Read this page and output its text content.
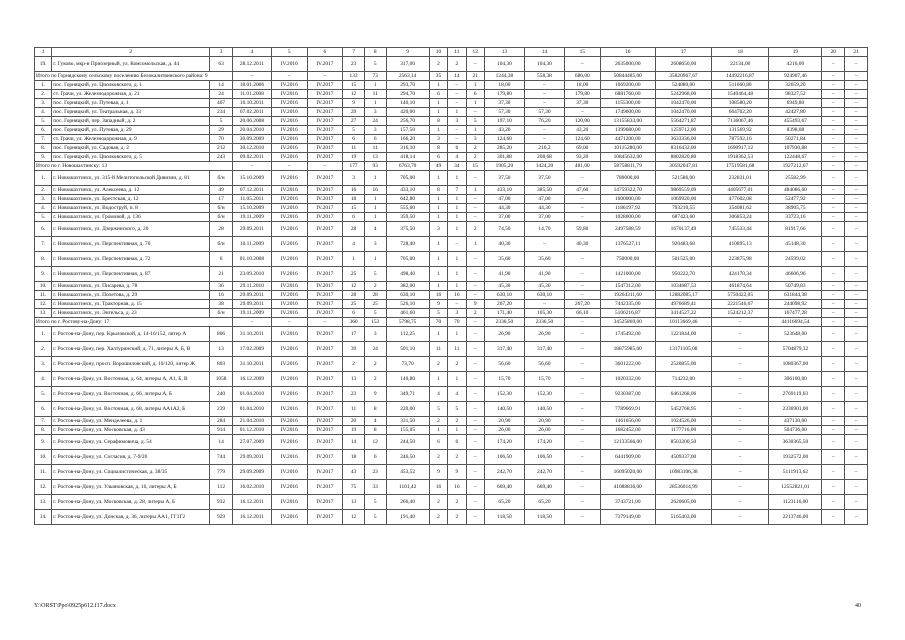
1	2	3	4	5	6	7	8	9	10	11	12	13	14	15	16	17	18	19	20	21
19.	г. Гуково, мкр-н Приозерный, ул. Комсомольская, д. 44	63	28.12.2011	IV.2016	IV.2017	23	5	317,00	2	2	–	104,30	104,30	–	2635000,00	2608650,00	22134,00	4216,00	–	–
Итого по Горнядскому сельскому поселению Белокалитвинского района: 9			–	–	–	133	73	2563,14	35	14	21	1244,38	558,38	686,00	50844485,00	35820967,67	14492216,87	924907,46	–	–
1.	пос. Горняцкий, ул. Циолковского, д. 1	14	18.01.2006	IV.2016	IV.2017	15	1	293,70	1	–	1	18,00	–	18,00	1069200,00	524880,00	511660,80	32659,20	–	–
2.	ст. Грачи, ул. Железнодорожная, д. 21	24	11.01.2008	IV.2016	IV.2017	12	11	294,70	6	–	6	179,80	–	179,80	6881760,00	5242968,00	1540464,48	98327,52	–	–
3.	пос. Горняцкий, ул. Путевая, д. 1	407	10.10.2011	IV.2016	IV.2017	9	1	140,10	1	–	1	37,30	–	37,30	1155300,00	1042470,00	108580,20	6949,80	–	–
4.	пос. Горняцкий, ул. Театральная, д. 33	234	07.02.2011	IV.2016	IV.2017	29	3	420,00	1	1	–	57,30	57,30	–	1749600,00	1042470,00	664702,20	42427,80	–	–
5.	пос. Горняцкий, пер. Западный, д. 2	5	20.06.2008	IV.2016	IV.2017	27	24	256,70	8	3	5	197,10	76,20	120,00	13155833,00	5564271,87	7136067,46	455493,67	–	–
6.	пос. Горняцкий, ул. Путевая, д. 29	29	20.04.2010	IV.2016	IV.2017	5	3	157,50	1	–	1	43,20	–	43,20	1399680,00	1259712,00	131569,92	8398,08	–	–
7.	ст. Грачи, ул. Железнодорожная, д. 9	70	30.09.2009	IV.2016	IV.2017	6	6	166,20	3	–	3	124,60	–	124,60	4471200,00	3633336,00	787592,16	50271,84	–	–
8.	пос. Горняцкий, ул. Садовая, д. 2	212	30.12.2010	IV.2016	IV.2017	11	11	316,10	8	6	2	285,20	216,2	69,00	10115280,00	8316432,00	1690917,12	107930,88	–	–
9.	пос. Горняцкий, ул. Циолковского, д. 5	243	09.02.2011	IV.2016	IV.2017	19	13	418,14	6	4	2	301,88	208,68	93,20	10845632,00	8802820,80	1918362,53	122448,67	–	–
Итого по г. Новошахтинску: 13			–	–	–	177	93	6763,70	49	34	15	1905,20	1424,20	481,00	58758811,79	30592047,81	17519581,68	1927212,67	–	–
1.	г. Новошахтинск, ул. 315-й Мелитопольской Дивизии, д. 81	б/н	15.10.2009	IV.2016	IV.2017	3	1	705,00	1	1	–	37,50	37,50	–	780000,00	521586,00	232831,01	25582,99	–	–
2.	г. Новошахтинск, ул. Алексеева, д. 12	49	07.12.2011	IV.2016	IV.2017	16	16	433,10	8	7	1	433,10	385,50	47,60	14759322,70	9869559,09	4405677,01	484086,60	–	–
3.	г. Новошахтинск, ул. Брестская, д. 12	17	11.05.2011	IV.2016	IV.2017	18	1	642,80	1	1	–	47,00	47,00	–	1600000,00	1069920,00	477602,08	52477,92	–	–
4.	г. Новошахтинск, ул. Водоструй, п. 8	б/н	15.10.2009	IV.2016	IV.2017	15	1	555,60	1	1	–	44,30	44,30	–	1186197,92	793210,55	354081,62	38905,75	–	–
5.	г. Новошахтинск, ул. Громовой, д. 136	б/н	19.11.2009	IV.2016	IV.2017	6	1	359,50	1	1	–	37,00	37,00	–	1028000,00	687423,60	306853,24	33723,16	–	–
6.	г. Новошахтинск, ул. Дзержинского, д. 20	28	29.09.2011	IV.2016	IV.2017	28	4	375,50	3	1	2	74,50	14,70	59,80	2497588,59	1670137,49	745533,44	81917,66	–	–
7.	г. Новошахтинск, ул. Перспективная, д. 70	б/н	10.11.2009	IV.2016	IV.2017	4	3	728,40	1	–	1	40,30	–	40,30	1376527,11	920483,68	410895,13	45148,30	–	–
8.	г. Новошахтинск, ул. Перспективная, д. 72	6	01.10.2008	IV.2016	IV.2017	1	1	705,00	1	1	–	35,60	35,60	–	750000,00	501525,00	223875,98	24599,02	–	–
9.	г. Новошахтинск, ул. Перспективная, д. 87	21	23.09.2010	IV.2016	IV.2017	25	5	498,40	1	1	–	41,90	41,90	–	1421000,00	950222,70	424170,34	46606,96	–	–
10.	г. Новошахтинск, ул. Писарева, д. 78	36	29.11.2010	IV.2016	IV.2017	12	2	382,00	1	1	–	45,30	45,30	–	1547312,00	1034687,53	461874,64	50749,83	–	–
11.	г. Новошахтинск, ул. Полетова, д. 29	16	29.09.2011	IV.2016	IV.2017	28	28	630,10	16	16	–	630,10	630,10	–	19264311,60	12882085,17	5750422,05	631844,38	–	–
12.	г. Новошахтинск, ул. Тракторная, д. 15	38	29.09.2011	IV.2016	IV.2017	25	25	526,10	9	–	9	267,20	–	267,20	7442335,00	4976689,41	2221546,67	244098,92	–	–
13.	г. Новошахтинск, ул. Энгельса, д. 23	б/н	19.11.2009	IV.2016	IV.2017	6	5	461,60	5	3	2	171,40	105,30	66,10	5106216,87	3414527,22	1524212,37	167477,28	–	–
Итого по г. Ростову-на-Дону: 17			–	–	–	360	153	5798,75	70	70	–	2336,50	2336,50	–	34525869,00	10113669,46	–	44116694,54	–	–
1.	г. Ростов-на-Дону, пер. Крыловской, д. 14-16/152, литер А	806	31.10.2011	IV.2016	IV.2017	17	3	112,25	1	1	–	26,90	26,90	–	1745492,00	1221844,00	–	523648,00	–	–
2.	г. Ростов-на-Дону, пер. Халтуринский, д. 71, литеры А, Б, В	13	17.02.2009	IV.2016	IV.2017	39	24	501,10	11	11	–	317,40	317,40	–	18875985,00	13171105,08	–	5704879,32	–	–
3.	г. Ростов-на-Дону, просп. Ворошиловский, д. 10/120, литер Ж	803	31.10.2011	IV.2016	IV.2017	2	2	73,70	2	2	–	56,60	56,60	–	3601222,00	2520855,00	–	1080367,00	–	–
4.	г. Ростов-на-Дону, ул. Восточная, д. 64, литеры А, А1, Б, В	1058	16.12.2009	IV.2016	IV.2017	13	2	140,80	1	1	–	15,70	15,70	–	1020332,00	714232,00	–	306100,00	–	–
5.	г. Ростов-на-Дону, ул. Восточная, д. 66, литеры А, Б	240	01.04.2010	IV.2016	IV.2017	23	9	349,71	4	4	–	152,30	152,30	–	9230387,00	6461268,06	–	2769119,03	–	–
6.	г. Ростов-на-Дону, ул. Восточная, д. 68, литеры АА1А2, Б	239	01.04.2010	IV.2016	IV.2017	11	8	220,00	5	5	–	140,50	140,50	–	7789669,91	5452768,95	–	2336901,00	–	–
7.	г. Ростов-на-Дону, ул. Менделеева, д. 1	284	21.04.2010	IV.2016	IV.2017	20	4	331,50	2	2	–	20,90	20,90	–	1461656,00	1024526,00	–	437130,00	–	–
8.	г. Ростов-на-Дону, ул. Московская, д. 43	914	01.12.2010	IV.2016	IV.2017	19	8	155,05	1	1	–	26,00	26,00	–	1682452,00	1177716,00	–	504736,00	–	–
9.	г. Ростов-на-Дону, ул. Серафимовича, д. 54	14	27.07.2009	IV.2016	IV.2017	14	12	244,50	6	6	–	174,20	174,20	–	12133566,00	8503200,50	–	3630365,50	–	–
10.	г. Ростов-на-Дону, ул. Согласия, д. 7-9/20	744	29.09.2011	IV.2016	IV.2017	18	6	246,50	2	2	–	106,50	106,50	–	6441909,00	4509337,00	–	1932572,00	–	–
11.	г. Ростов-на-Дону, ул. Социалистическая, д. 38/35	779	29.09.2009	IV.2016	IV.2017	43	23	453,52	9	9	–	242,70	242,70	–	16095020,00	10983106,38	–	5111913,62	–	–
12.	г. Ростов-на-Дону, ул. Ульяновская, д. 16, литеры А, Б	112	16.02.2010	IV.2016	IV.2017	75	33	1101,42	16	16	–	669,40	669,40	–	41088836,00	28536014,99	–	12552821,01	–	–
13.	г. Ростов-на-Дону, ул. Московская, д. 28, литеры А, Б	932	16.12.2011	IV.2016	IV.2017	13	5	266,40	2	2	–	65,20	65,20	–	3743721,00	2620605,00	–	1123116,00	–	–
14.	г. Ростов-на-Дону, ул. Донская, д. 36, литеры АА1, ГГ1Г2	929	16.12.2011	IV.2016	IV.2017	12	5	191,40	2	2	–	118,50	118,50	–	7379149,00	5165403,00	–	2213746,00	–	–
Y:\ORST\Ppo\0925p612.f17.docx	40
